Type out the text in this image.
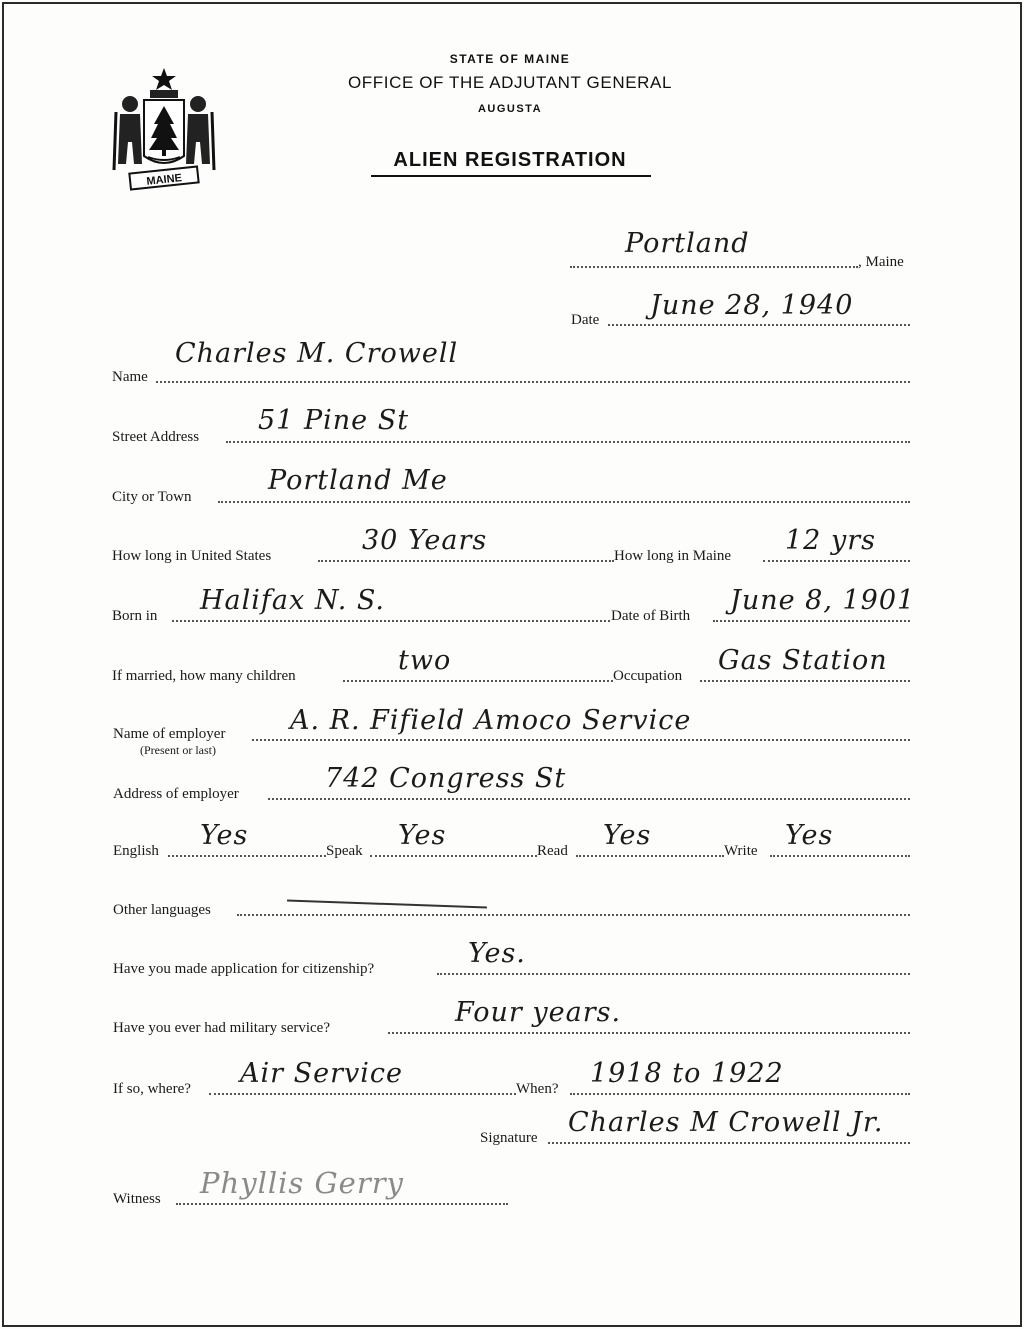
MAINE
STATE OF MAINE
OFFICE OF THE ADJUTANT GENERAL
AUGUSTA
ALIEN REGISTRATION
Portland
, Maine
Date June 28, 1940
Name
Charles M. Crowell
Street Address
51 Pine St
City or Town
Portland Me
How long in United States	30 Years	How long in Maine 12 yrs
Born in Halifax N. S.	Date of Birth June 8, 1901
If married, how many children	two	Occupation Gas Station
Name of employer
(Present or last)
A. R. Fifield Amoco Service
Address of employer	742 Congress St
English Yes	Speak Yes	Read Yes	Write Yes
Other languages
Have you made application for citizenship?	Yes.
Have you ever had military service?	Four years.
If so, where? Air Service	When? 1918 to 1922
Signature Charles M Crowell Jr.
Witness Phyllis Gerry
